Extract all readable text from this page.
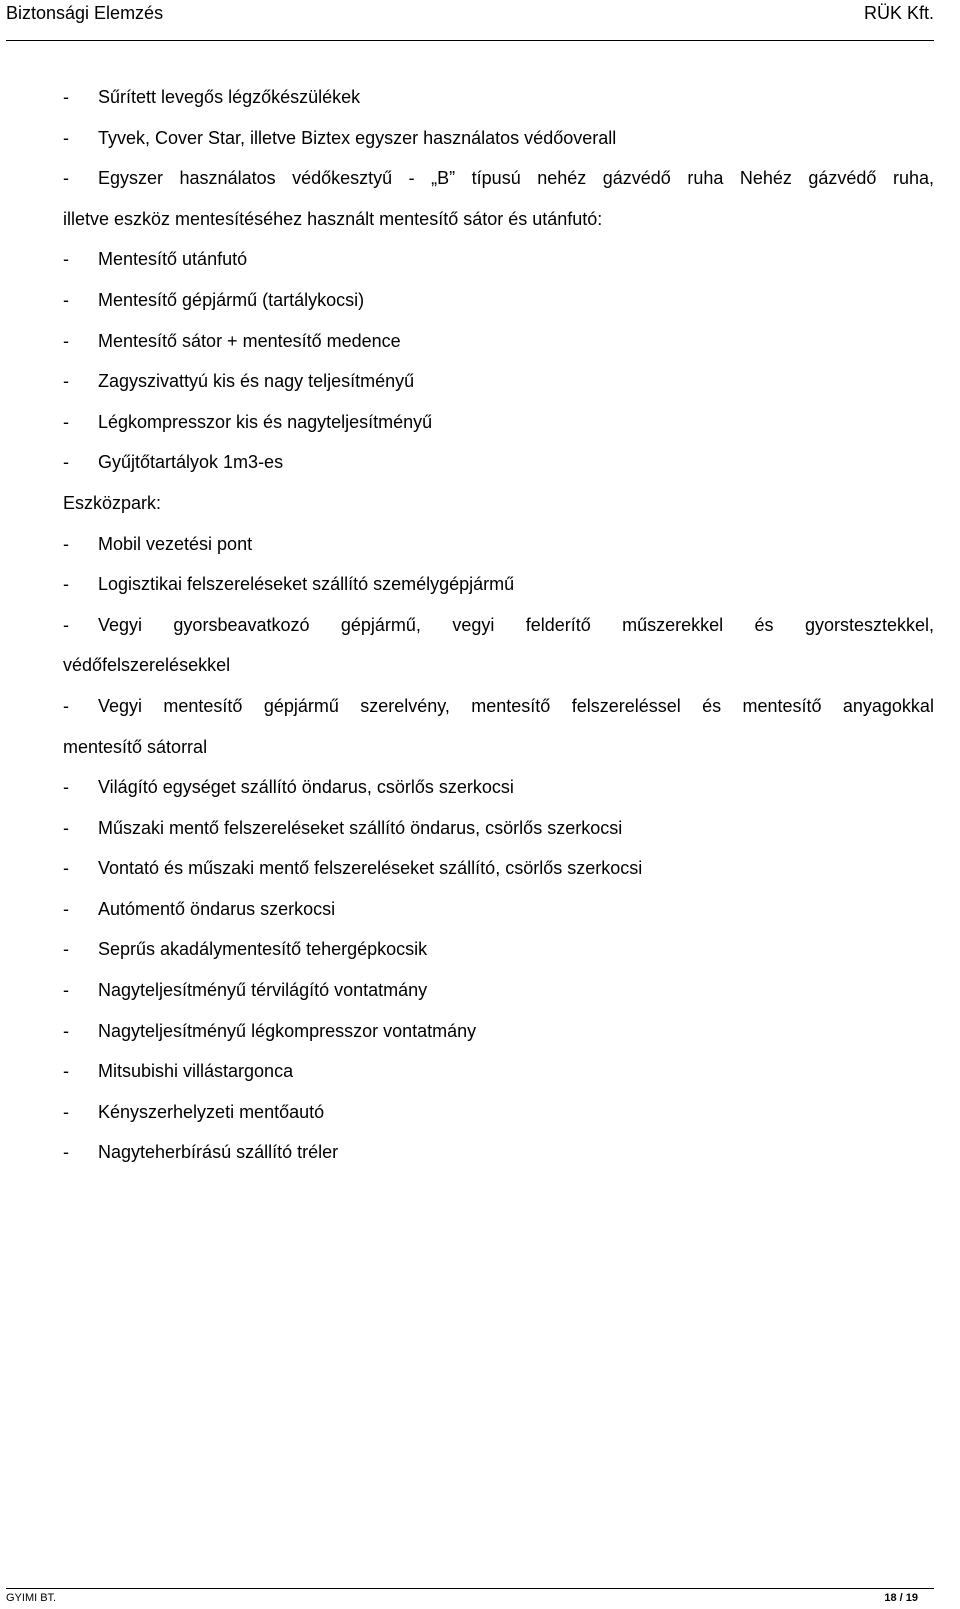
Biztonsági Elemzés	RÜK Kft.
- Sűrített levegős légzőkészülékek
- Tyvek, Cover Star, illetve Biztex egyszer használatos védőoverall
- Egyszer használatos védőkesztyű - „B” típusú nehéz gázvédő ruha Nehéz gázvédő ruha,
illetve eszköz mentesítéséhez használt mentesítő sátor és utánfutó:
- Mentesítő utánfutó
- Mentesítő gépjármű (tartálykocsi)
- Mentesítő sátor + mentesítő medence
- Zagyszivattyú kis és nagy teljesítményű
- Légkompresszor kis és nagyteljesítményű
- Gyűjtőtartályok 1m3-es
Eszközpark:
- Mobil vezetési pont
- Logisztikai felszereléseket szállító személygépjármű
- Vegyi gyorsbeavatkozó gépjármű, vegyi felderítő műszerekkel és gyorstesztekkel,
védőfelszerelésekkel
- Vegyi mentesítő gépjármű szerelvény, mentesítő felszereléssel és mentesítő anyagokkal
mentesítő sátorral
- Világító egységet szállító öndarus, csörlős szerkocsi
- Műszaki mentő felszereléseket szállító öndarus, csörlős szerkocsi
- Vontató és műszaki mentő felszereléseket szállító, csörlős szerkocsi
- Autómentő öndarus szerkocsi
- Seprűs akadálymentesítő tehergépkocsik
- Nagyteljesítményű térvilágító vontatmány
- Nagyteljesítményű légkompresszor vontatmány
- Mitsubishi villástargonca
- Kényszerhelyzeti mentőautó
- Nagyteherbírású szállító tréler
GYIMI BT.	18 / 19
